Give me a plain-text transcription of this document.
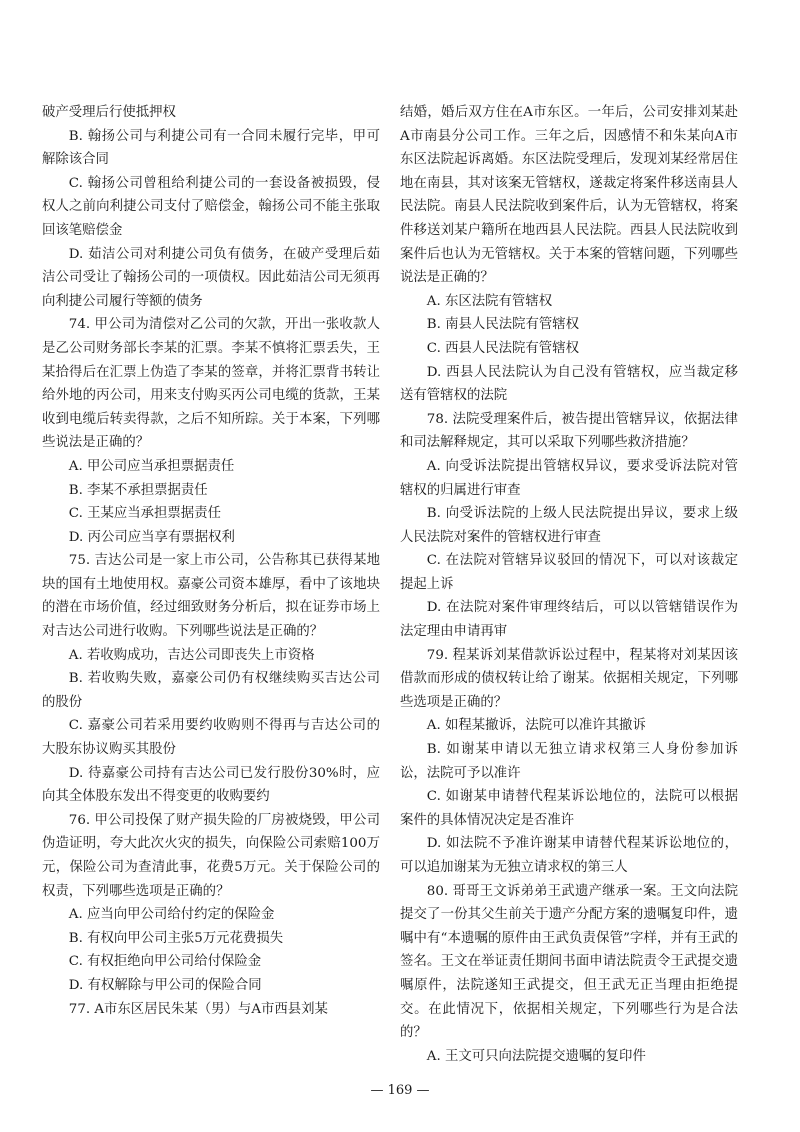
破产受理后行使抵押权

B. 翰扬公司与利捷公司有一合同未履行完毕，甲可解除该合同

C. 翰扬公司曾租给利捷公司的一套设备被损毁，侵权人之前向利捷公司支付了赔偿金，翰扬公司不能主张取回该笔赔偿金

D. 茹洁公司对利捷公司负有债务，在破产受理后茹洁公司受让了翰扬公司的一项债权。因此茹洁公司无须再向利捷公司履行等额的债务

74. 甲公司为清偿对乙公司的欠款，开出一张收款人是乙公司财务部长李某的汇票。李某不慎将汇票丢失，王某拾得后在汇票上伪造了李某的签章，并将汇票背书转让给外地的丙公司，用来支付购买丙公司电缆的货款，王某收到电缆后转卖得款，之后不知所踪。关于本案，下列哪些说法是正确的？

A. 甲公司应当承担票据责任

B. 李某不承担票据责任

C. 王某应当承担票据责任

D. 丙公司应当享有票据权利

75. 吉达公司是一家上市公司，公告称其已获得某地块的国有土地使用权。嘉豪公司资本雄厚，看中了该地块的潜在市场价值，经过细致财务分析后，拟在证券市场上对吉达公司进行收购。下列哪些说法是正确的？

A. 若收购成功，吉达公司即丧失上市资格

B. 若收购失败，嘉豪公司仍有权继续购买吉达公司的股份

C. 嘉豪公司若采用要约收购则不得再与吉达公司的大股东协议购买其股份

D. 待嘉豪公司持有吉达公司已发行股份30%时，应向其全体股东发出不得变更的收购要约

76. 甲公司投保了财产损失险的厂房被烧毁，甲公司伪造证明，夸大此次火灾的损失，向保险公司索赔100万元，保险公司为查清此事，花费5万元。关于保险公司的权责，下列哪些选项是正确的？

A. 应当向甲公司给付约定的保险金

B. 有权向甲公司主张5万元花费损失

C. 有权拒绝向甲公司给付保险金

D. 有权解除与甲公司的保险合同

77. A市东区居民朱某（男）与A市西县刘某

结婚，婚后双方住在A市东区。一年后，公司安排刘某赴A市南县分公司工作。三年之后，因感情不和朱某向A市东区法院起诉离婚。东区法院受理后，发现刘某经常居住地在南县，其对该案无管辖权，遂裁定将案件移送南县人民法院。南县人民法院收到案件后，认为无管辖权，将案件移送刘某户籍所在地西县人民法院。西县人民法院收到案件后也认为无管辖权。关于本案的管辖问题，下列哪些说法是正确的？

A. 东区法院有管辖权

B. 南县人民法院有管辖权

C. 西县人民法院有管辖权

D. 西县人民法院认为自己没有管辖权，应当裁定移送有管辖权的法院

78. 法院受理案件后，被告提出管辖异议，依据法律和司法解释规定，其可以采取下列哪些救济措施？

A. 向受诉法院提出管辖权异议，要求受诉法院对管辖权的归属进行审查

B. 向受诉法院的上级人民法院提出异议，要求上级人民法院对案件的管辖权进行审查

C. 在法院对管辖异议驳回的情况下，可以对该裁定提起上诉

D. 在法院对案件审理终结后，可以以管辖错误作为法定理由申请再审

79. 程某诉刘某借款诉讼过程中，程某将对刘某因该借款而形成的债权转让给了谢某。依据相关规定，下列哪些选项是正确的？

A. 如程某撤诉，法院可以准许其撤诉

B. 如谢某申请以无独立请求权第三人身份参加诉讼，法院可予以准许

C. 如谢某申请替代程某诉讼地位的，法院可以根据案件的具体情况决定是否准许

D. 如法院不予准许谢某申请替代程某诉讼地位的，可以追加谢某为无独立请求权的第三人

80. 哥哥王文诉弟弟王武遗产继承一案。王文向法院提交了一份其父生前关于遗产分配方案的遗嘱复印件，遗嘱中有“本遗嘱的原件由王武负责保管”字样，并有王武的签名。王文在举证责任期间书面申请法院责令王武提交遗嘱原件，法院遂知王武提交，但王武无正当理由拒绝提交。在此情况下，依据相关规定，下列哪些行为是合法的？

A. 王文可只向法院提交遗嘱的复印件

— 169 —
